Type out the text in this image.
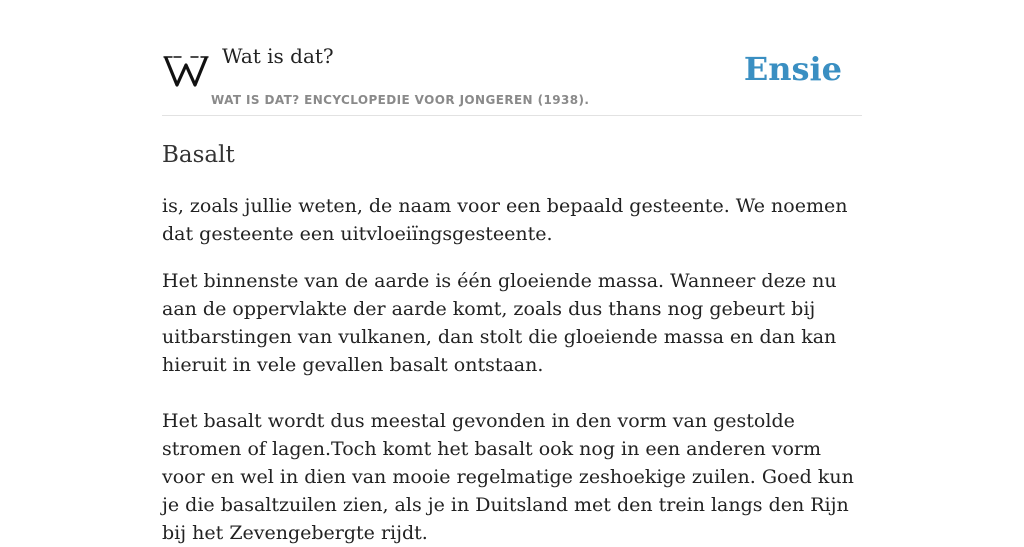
Wat is dat?
WAT IS DAT? ENCYCLOPEDIE VOOR JONGEREN (1938).
Ensie
Basalt

is, zoals jullie weten, de naam voor een bepaald gesteente. We noemen dat gesteente een uitvloeiïngsgesteente.

Het binnenste van de aarde is één gloeiende massa. Wanneer deze nu aan de oppervlakte der aarde komt, zoals dus thans nog gebeurt bij uitbarstingen van vulkanen, dan stolt die gloeiende massa en dan kan hieruit in vele gevallen basalt ontstaan.

Het basalt wordt dus meestal gevonden in den vorm van gestolde stromen of lagen.Toch komt het basalt ook nog in een anderen vorm voor en wel in dien van mooie regelmatige zeshoekige zuilen. Goed kun je die basaltzuilen zien, als je in Duitsland met den trein langs den Rijn bij het Zevengebergte rijdt.
